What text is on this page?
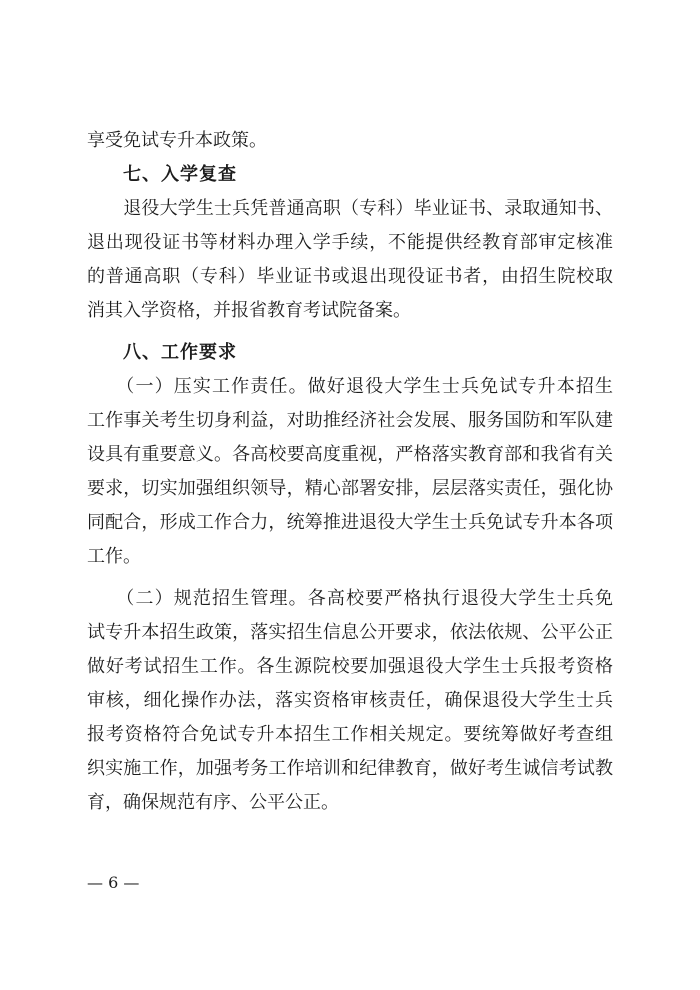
享受免试专升本政策。
七、入学复查
　　退役大学生士兵凭普通高职（专科）毕业证书、录取通知书、
退出现役证书等材料办理入学手续，不能提供经教育部审定核准
的普通高职（专科）毕业证书或退出现役证书者，由招生院校取
消其入学资格，并报省教育考试院备案。
八、工作要求
　　（一）压实工作责任。做好退役大学生士兵免试专升本招生
工作事关考生切身利益，对助推经济社会发展、服务国防和军队建
设具有重要意义。各高校要高度重视，严格落实教育部和我省有关
要求，切实加强组织领导，精心部署安排，层层落实责任，强化协
同配合，形成工作合力，统筹推进退役大学生士兵免试专升本各项
工作。
　　（二）规范招生管理。各高校要严格执行退役大学生士兵免
试专升本招生政策，落实招生信息公开要求，依法依规、公平公正
做好考试招生工作。各生源院校要加强退役大学生士兵报考资格
审核，细化操作办法，落实资格审核责任，确保退役大学生士兵
报考资格符合免试专升本招生工作相关规定。要统筹做好考查组
织实施工作，加强考务工作培训和纪律教育，做好考生诚信考试教
育，确保规范有序、公平公正。
— 6 —
